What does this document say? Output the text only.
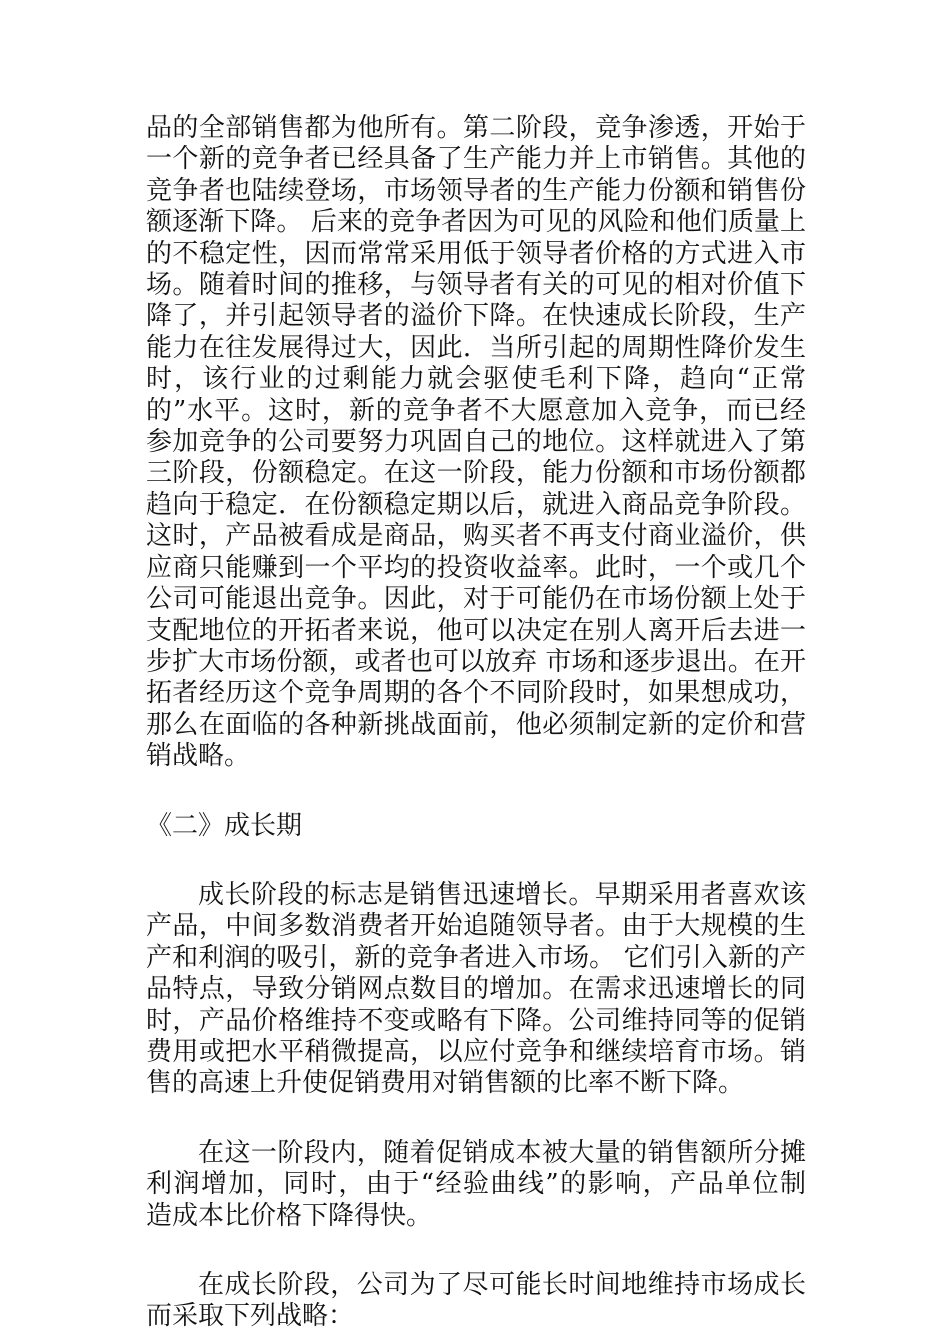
品的全部销售都为他所有。第二阶段，竞争渗透，开始于
一个新的竞争者已经具备了生产能力并上市销售。其他的
竞争者也陆续登场，市场领导者的生产能力份额和销售份
额逐渐下降。 后来的竞争者因为可见的风险和他们质量上
的不稳定性，因而常常采用低于领导者价格的方式进入市
场。随着时间的推移，与领导者有关的可见的相对价值下
降了，并引起领导者的溢价下降。在快速成长阶段，生产
能力在往发展得过大，因此．当所引起的周期性降价发生
时，该行业的过剩能力就会驱使毛利下降，趋向“正常
的”水平。这时，新的竞争者不大愿意加入竞争，而已经
参加竞争的公司要努力巩固自己的地位。这样就进入了第
三阶段，份额稳定。在这一阶段，能力份额和市场份额都
趋向于稳定．在份额稳定期以后，就进入商品竞争阶段。
这时，产品被看成是商品，购买者不再支付商业溢价，供
应商只能赚到一个平均的投资收益率。此时，一个或几个
公司可能退出竞争。因此，对于可能仍在市场份额上处于
支配地位的开拓者来说，他可以决定在别人离开后去进一
步扩大市场份额，或者也可以放弃 市场和逐步退出。在开
拓者经历这个竞争周期的各个不同阶段时，如果想成功，
那么在面临的各种新挑战面前，他必须制定新的定价和营
销战略。
《二》成长期
成长阶段的标志是销售迅速增长。早期采用者喜欢该
产品，中间多数消费者开始追随领导者。由于大规模的生
产和利润的吸引，新的竞争者进入市场。 它们引入新的产
品特点，导致分销网点数目的增加。在需求迅速增长的同
时，产品价格维持不变或略有下降。公司维持同等的促销
费用或把水平稍微提高，以应付竞争和继续培育市场。销
售的高速上升使促销费用对销售额的比率不断下降。
在这一阶段内，随着促销成本被大量的销售额所分摊
利润增加，同时，由于“经验曲线”的影响，产品单位制
造成本比价格下降得快。
在成长阶段，公司为了尽可能长时间地维持市场成长
而采取下列战略：
